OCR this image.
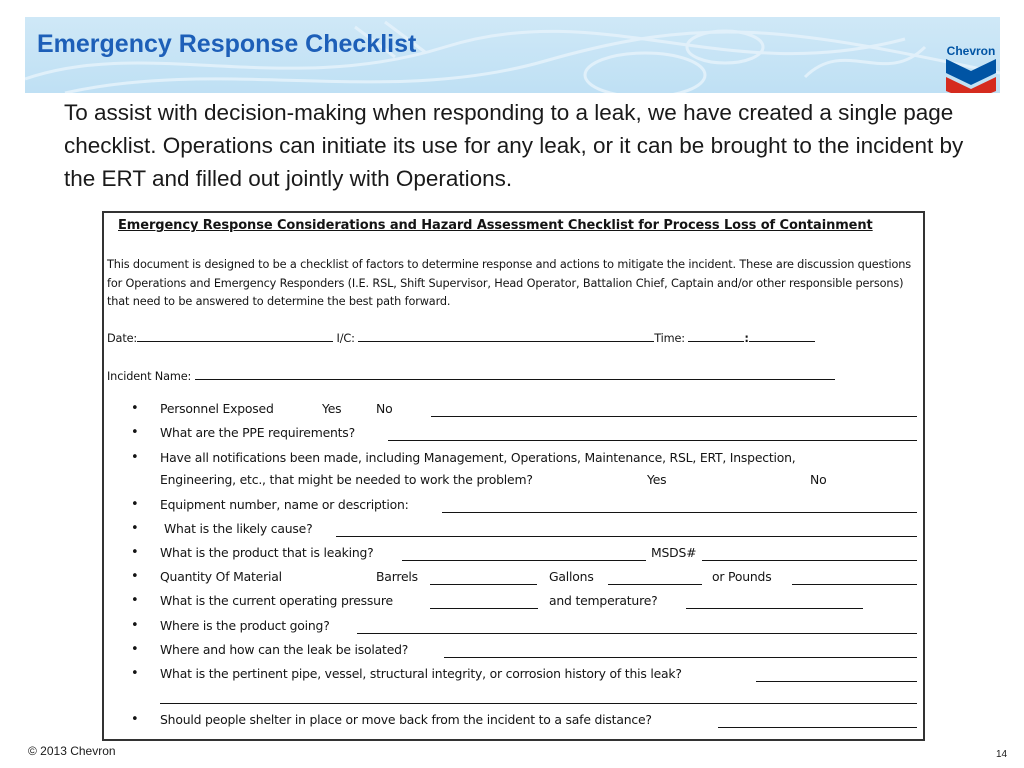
Emergency Response Checklist	Chevron
To assist with decision-making when responding to a leak, we have created a single page checklist. Operations can initiate its use for any leak, or it can be brought to the incident by the ERT and filled out jointly with Operations.
Emergency Response Considerations and Hazard Assessment Checklist for Process Loss of Containment
This document is designed to be a checklist of factors to determine response and actions to mitigate the incident. These are discussion questions for Operations and Emergency Responders (I.E. RSL, Shift Supervisor, Head Operator, Battalion Chief, Captain and/or other responsible persons) that need to be answered to determine the best path forward.
Date:	I/C:	Time:	:
Incident Name:
• Personnel Exposed	Yes	No
• What are the PPE requirements?
• Have all notifications been made, including Management, Operations, Maintenance, RSL, ERT, Inspection,
Engineering, etc., that might be needed to work the problem?	Yes	No
• Equipment number, name or description:
• What is the likely cause?
• What is the product that is leaking?	MSDS#
• Quantity Of Material	Barrels	Gallons	or Pounds
• What is the current operating pressure	and temperature?
• Where is the product going?
• Where and how can the leak be isolated?
• What is the pertinent pipe, vessel, structural integrity, or corrosion history of this leak?
• Should people shelter in place or move back from the incident to a safe distance?
© 2013 Chevron	14
